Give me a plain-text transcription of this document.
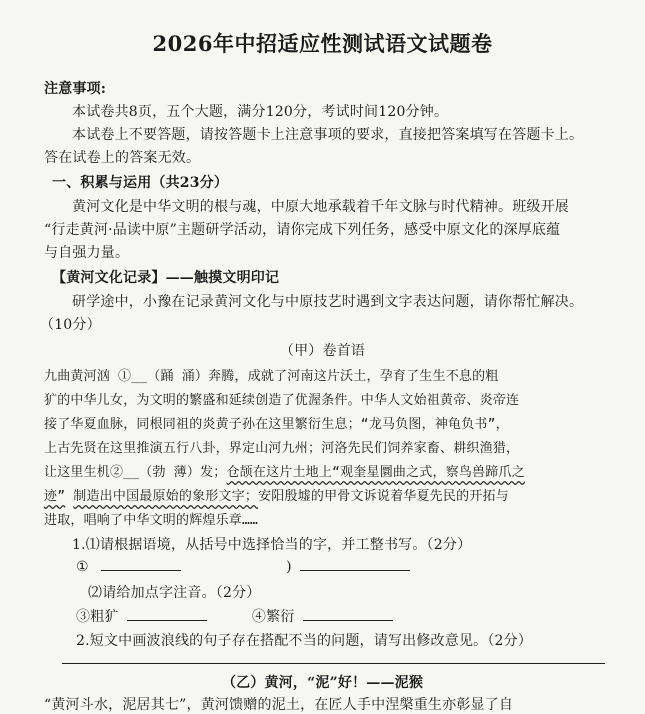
2026年中招适应性测试语文试题卷
注意事项:
本试卷共8页，五个大题，满分120分，考试时间120分钟。
本试卷上不要答题，请按答题卡上注意事项的要求，直接把答案填写在答题卡上。
答在试卷上的答案无效。
一、积累与运用（共23分）
黄河文化是中华文明的根与魂，中原大地承载着千年文脉与时代精神。班级开展
“行走黄河·品读中原”主题研学活动，请你完成下列任务，感受中原文化的深厚底蕴
与自强力量。
【黄河文化记录】——触摸文明印记
研学途中，小豫在记录黄河文化与中原技艺时遇到文字表达问题，请你帮忙解决。
（10分）
（甲）卷首语
九曲黄河汹 ①__（踊 涌）奔腾，成就了河南这片沃土，孕育了生生不息的粗
犷的中华儿女，为文明的繁盛和延续创造了优渥条件。中华人文始祖黄帝、炎帝连
接了华夏血脉，同根同祖的炎黄子孙在这里繁衍生息；“龙马负图，神龟负书”，
上古先贤在这里推演五行八卦，界定山河九州；河洛先民们饲养家畜、耕织渔猎，
让这里生机②__（勃 薄）发；仓颉在这片土地上“观奎星圜曲之式，察鸟兽蹄爪之
迹” 制造出中国最原始的象形文字；安阳殷墟的甲骨文诉说着华夏先民的开拓与
进取，唱响了中华文明的辉煌乐章……
1.⑴请根据语境，从括号中选择恰当的字，并工整书写。（2分）
①	)
⑵请给加点字注音。（2分）
③粗犷	④繁衍
2.短文中画波浪线的句子存在搭配不当的问题，请写出修改意见。（2分）
（乙）黄河，“泥”好！——泥猴
“黄河斗水，泥居其七”，黄河馈赠的泥土，在匠人手中涅槃重生亦彰显了自
